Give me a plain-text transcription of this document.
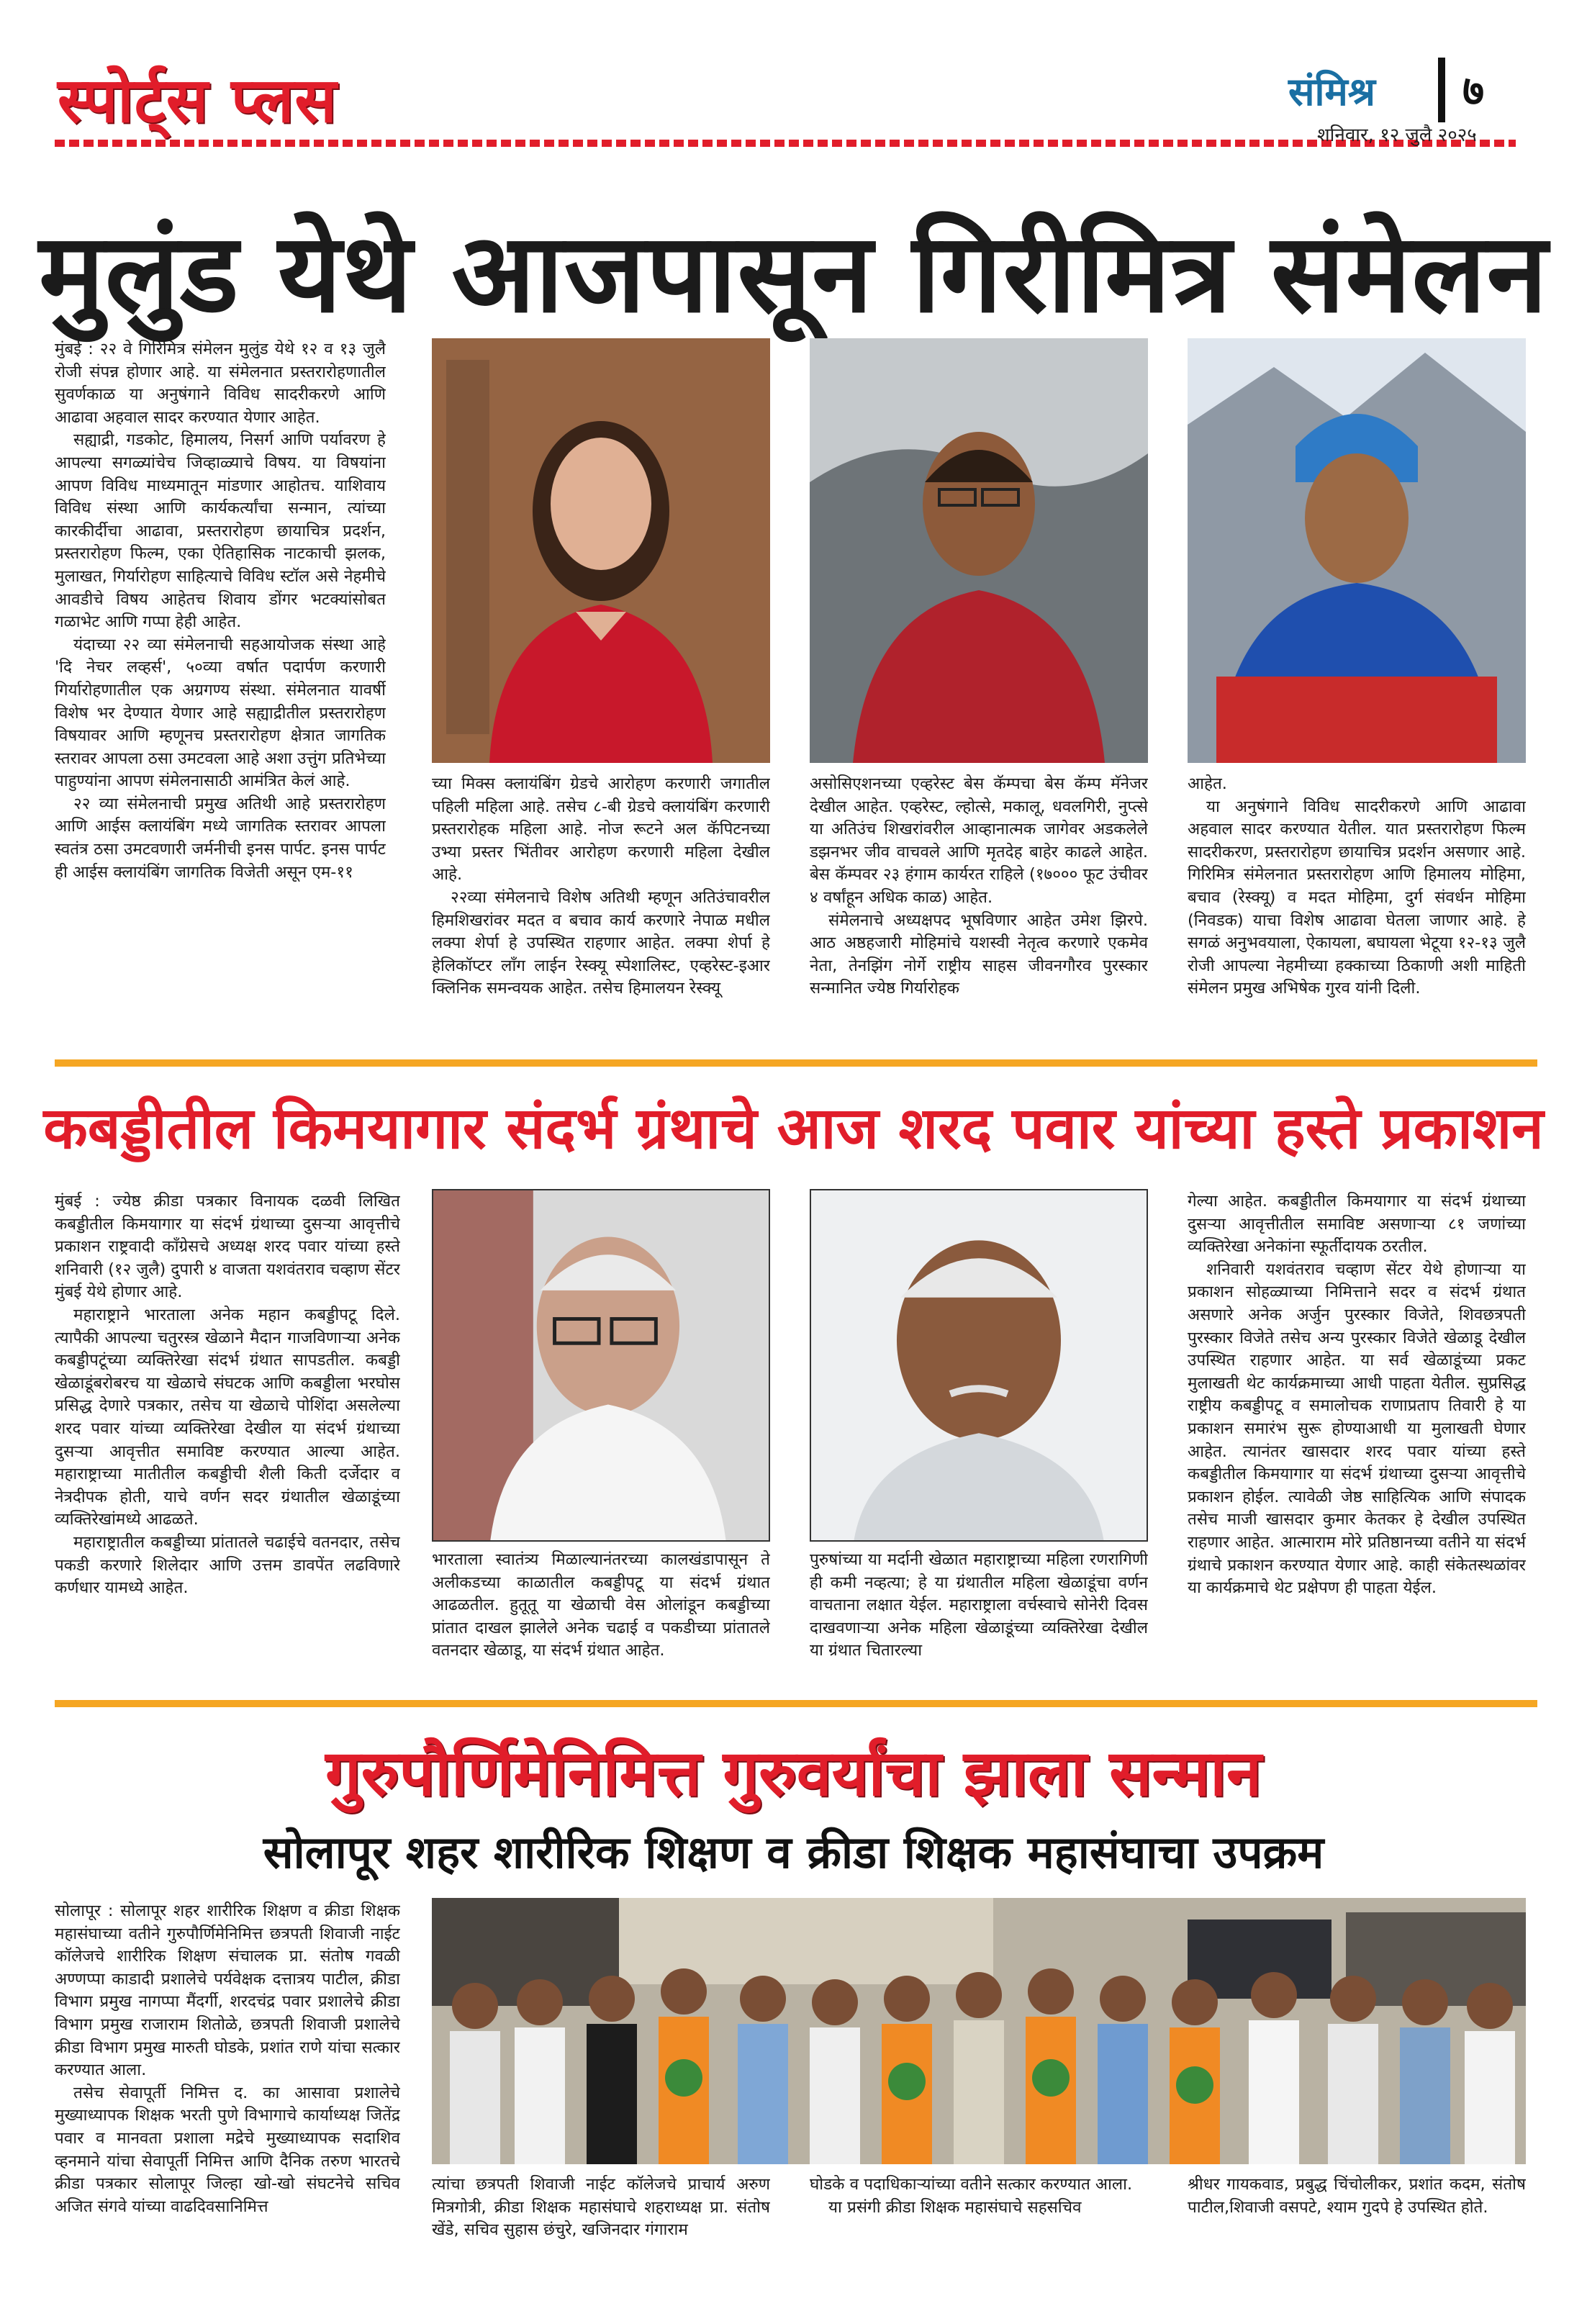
स्पोर्ट्स प्लस	संमिश्र ७
शनिवार, १२ जुलै २०२५
मुलुंड येथे आजपासून गिरीमित्र संमेलन

मुंबई : २२ वे गिरिमित्र संमेलन मुलुंड येथे १२ व १३ जुलै रोजी संपन्न होणार आहे. या संमेलनात प्रस्तरारोहणातील सुवर्णकाळ या अनुषंगाने विविध सादरीकरणे आणि आढावा अहवाल सादर करण्यात येणार आहेत.

सह्याद्री, गडकोट, हिमालय, निसर्ग आणि पर्यावरण हे आपल्या सगळ्यांचेच जिव्हाळ्याचे विषय. या विषयांना आपण विविध माध्यमातून मांडणार आहोतच. याशिवाय विविध संस्था आणि कार्यकर्त्यांचा सन्मान, त्यांच्या कारकीर्दीचा आढावा, प्रस्तरारोहण छायाचित्र प्रदर्शन, प्रस्तरारोहण फिल्म, एका ऐतिहासिक नाटकाची झलक, मुलाखत, गिर्यारोहण साहित्याचे विविध स्टॉल असे नेहमीचे आवडीचे विषय आहेतच शिवाय डोंगर भटक्यांसोबत गळाभेट आणि गप्पा हेही आहेत.

यंदाच्या २२ व्या संमेलनाची सहआयोजक संस्था आहे 'दि नेचर लव्हर्स', ५०व्या वर्षात पदार्पण करणारी गिर्यारोहणातील एक अग्रगण्य संस्था. संमेलनात यावर्षी विशेष भर देण्यात येणार आहे सह्याद्रीतील प्रस्तरारोहण विषयावर आणि म्हणूनच प्रस्तरारोहण क्षेत्रात जागतिक स्तरावर आपला ठसा उमटवला आहे अशा उत्तुंग प्रतिभेच्या पाहुण्यांना आपण संमेलनासाठी आमंत्रित केलं आहे.

२२ व्या संमेलनाची प्रमुख अतिथी आहे प्रस्तरारोहण आणि आईस क्लायंबिंग मध्ये जागतिक स्तरावर आपला स्वतंत्र ठसा उमटवणारी जर्मनीची इनस पार्पट. इनस पार्पट ही आईस क्लायंबिंग जागतिक विजेती असून एम-११

च्या मिक्स क्लायंबिंग ग्रेडचे आरोहण करणारी जगातील पहिली महिला आहे. तसेच ८-बी ग्रेडचे क्लायंबिंग करणारी प्रस्तरारोहक महिला आहे. नोज रूटने अल कॅपिटनच्या उभ्या प्रस्तर भिंतीवर आरोहण करणारी महिला देखील आहे.

२२व्या संमेलनाचे विशेष अतिथी म्हणून अतिउंचावरील हिमशिखरांवर मदत व बचाव कार्य करणारे नेपाळ मधील लक्पा शेर्पा हे उपस्थित राहणार आहेत. लक्पा शेर्पा हे हेलिकॉप्टर लॉंग लाईन रेस्क्यू स्पेशालिस्ट, एव्हरेस्ट-इआर क्लिनिक समन्वयक आहेत. तसेच हिमालयन रेस्क्यू

असोसिएशनच्या एव्हरेस्ट बेस कॅम्पचा बेस कॅम्प मॅनेजर देखील आहेत. एव्हरेस्ट, ल्होत्से, मकालू, धवलगिरी, नुप्त्से या अतिउंच शिखरांवरील आव्हानात्मक जागेवर अडकलेले डझनभर जीव वाचवले आणि मृतदेह बाहेर काढले आहेत. बेस कॅम्पवर २३ हंगाम कार्यरत राहिले (१७००० फूट उंचीवर ४ वर्षांहून अधिक काळ) आहेत.

संमेलनाचे अध्यक्षपद भूषविणार आहेत उमेश झिरपे. आठ अष्ठहजारी मोहिमांचे यशस्वी नेतृत्व करणारे एकमेव नेता, तेनझिंग नोर्गे राष्ट्रीय साहस जीवनगौरव पुरस्कार सन्मानित ज्येष्ठ गिर्यारोहक

आहेत.

या अनुषंगाने विविध सादरीकरणे आणि आढावा अहवाल सादर करण्यात येतील. यात प्रस्तरारोहण फिल्म सादरीकरण, प्रस्तरारोहण छायाचित्र प्रदर्शन असणार आहे. गिरिमित्र संमेलनात प्रस्तरारोहण आणि हिमालय मोहिमा, बचाव (रेस्क्यू) व मदत मोहिमा, दुर्ग संवर्धन मोहिमा (निवडक) याचा विशेष आढावा घेतला जाणार आहे. हे सगळं अनुभवयाला, ऐकायला, बघायला भेटूया १२-१३ जुलै रोजी आपल्या नेहमीच्या हक्काच्या ठिकाणी अशी माहिती संमेलन प्रमुख अभिषेक गुरव यांनी दिली.

कबड्डीतील किमयागार संदर्भ ग्रंथाचे आज शरद पवार यांच्या हस्ते प्रकाशन

मुंबई : ज्येष्ठ क्रीडा पत्रकार विनायक दळवी लिखित कबड्डीतील किमयागार या संदर्भ ग्रंथाच्या दुसऱ्या आवृत्तीचे प्रकाशन राष्ट्रवादी काँग्रेसचे अध्यक्ष शरद पवार यांच्या हस्ते शनिवारी (१२ जुलै) दुपारी ४ वाजता यशवंतराव चव्हाण सेंटर मुंबई येथे होणार आहे.

महाराष्ट्राने भारताला अनेक महान कबड्डीपटू दिले. त्यापैकी आपल्या चतुरस्त्र खेळाने मैदान गाजविणाऱ्या अनेक कबड्डीपटूंच्या व्यक्तिरेखा संदर्भ ग्रंथात सापडतील. कबड्डी खेळाडूंबरोबरच या खेळाचे संघटक आणि कबड्डीला भरघोस प्रसिद्ध देणारे पत्रकार, तसेच या खेळाचे पोशिंदा असलेल्या शरद पवार यांच्या व्यक्तिरेखा देखील या संदर्भ ग्रंथाच्या दुसऱ्या आवृत्तीत समाविष्ट करण्यात आल्या आहेत. महाराष्ट्राच्या मातीतील कबड्डीची शैली किती दर्जेदार व नेत्रदीपक होती, याचे वर्णन सदर ग्रंथातील खेळाडूंच्या व्यक्तिरेखांमध्ये आढळते.

महाराष्ट्रातील कबड्डीच्या प्रांतातले चढाईचे वतनदार, तसेच पकडी करणारे शिलेदार आणि उत्तम डावपेंत लढविणारे कर्णधार यामध्ये आहेत.

भारताला स्वातंत्र्य मिळाल्यानंतरच्या कालखंडापासून ते अलीकडच्या काळातील कबड्डीपटू या संदर्भ ग्रंथात आढळतील. हुतूतू या खेळाची वेस ओलांडून कबड्डीच्या प्रांतात दाखल झालेले अनेक चढाई व पकडीच्या प्रांतातले वतनदार खेळाडू, या संदर्भ ग्रंथात आहेत.

पुरुषांच्या या मर्दानी खेळात महाराष्ट्राच्या महिला रणरागिणी ही कमी नव्हत्या; हे या ग्रंथातील महिला खेळाडूंचा वर्णन वाचताना लक्षात येईल. महाराष्ट्राला वर्चस्वाचे सोनेरी दिवस दाखवणाऱ्या अनेक महिला खेळाडूंच्या व्यक्तिरेखा देखील या ग्रंथात चितारल्या

गेल्या आहेत. कबड्डीतील किमयागार या संदर्भ ग्रंथाच्या दुसऱ्या आवृत्तीतील समाविष्ट असणाऱ्या ८१ जणांच्या व्यक्तिरेखा अनेकांना स्फूर्तीदायक ठरतील.

शनिवारी यशवंतराव चव्हाण सेंटर येथे होणाऱ्या या प्रकाशन सोहळ्याच्या निमित्ताने सदर व संदर्भ ग्रंथात असणारे अनेक अर्जुन पुरस्कार विजेते, शिवछत्रपती पुरस्कार विजेते तसेच अन्य पुरस्कार विजेते खेळाडू देखील उपस्थित राहणार आहेत. या सर्व खेळाडूंच्या प्रकट मुलाखती थेट कार्यक्रमाच्या आधी पाहता येतील. सुप्रसिद्ध राष्ट्रीय कबड्डीपटू व समालोचक राणाप्रताप तिवारी हे या प्रकाशन समारंभ सुरू होण्याआधी या मुलाखती घेणार आहेत. त्यानंतर खासदार शरद पवार यांच्या हस्ते कबड्डीतील किमयागार या संदर्भ ग्रंथाच्या दुसऱ्या आवृत्तीचे प्रकाशन होईल. त्यावेळी जेष्ठ साहित्यिक आणि संपादक तसेच माजी खासदार कुमार केतकर हे देखील उपस्थित राहणार आहेत. आत्माराम मोरे प्रतिष्ठानच्या वतीने या संदर्भ ग्रंथाचे प्रकाशन करण्यात येणार आहे. काही संकेतस्थळांवर या कार्यक्रमाचे थेट प्रक्षेपण ही पाहता येईल.

गुरुपौर्णिमेनिमित्त गुरुवर्यांचा झाला सन्मान
सोलापूर शहर शारीरिक शिक्षण व क्रीडा शिक्षक महासंघाचा उपक्रम

सोलापूर : सोलापूर शहर शारीरिक शिक्षण व क्रीडा शिक्षक महासंघाच्या वतीने गुरुपौर्णिमेनिमित्त छत्रपती शिवाजी नाईट कॉलेजचे शारीरिक शिक्षण संचालक प्रा. संतोष गवळी अण्णप्पा काडादी प्रशालेचे पर्यवेक्षक दत्तात्रय पाटील, क्रीडा विभाग प्रमुख नागप्पा मैंदर्गी, शरदचंद्र पवार प्रशालेचे क्रीडा विभाग प्रमुख राजाराम शितोळे, छत्रपती शिवाजी प्रशालेचे क्रीडा विभाग प्रमुख मारुती घोडके, प्रशांत राणे यांचा सत्कार करण्यात आला.

तसेच सेवापूर्ती निमित्त द. का आसावा प्रशालेचे मुख्याध्यापक शिक्षक भरती पुणे विभागाचे कार्याध्यक्ष जितेंद्र पवार व मानवता प्रशाला मद्रेचे मुख्याध्यापक सदाशिव व्हनमाने यांचा सेवापूर्ती निमित्त आणि दैनिक तरुण भारतचे क्रीडा पत्रकार सोलापूर जिल्हा खो-खो संघटनेचे सचिव अजित संगवे यांच्या वाढदिवसानिमित्त

त्यांचा छत्रपती शिवाजी नाईट कॉलेजचे प्राचार्य अरुण मित्रगोत्री, क्रीडा शिक्षक महासंघाचे शहराध्यक्ष प्रा. संतोष खेंडे, सचिव सुहास छंचुरे, खजिनदार गंगाराम

घोडके व पदाधिकाऱ्यांच्या वतीने सत्कार करण्यात आला.

या प्रसंगी क्रीडा शिक्षक महासंघाचे सहसचिव

श्रीधर गायकवाड, प्रबुद्ध चिंचोलीकर, प्रशांत कदम, संतोष पाटील,शिवाजी वसपटे, श्याम गुदपे हे उपस्थित होते.
